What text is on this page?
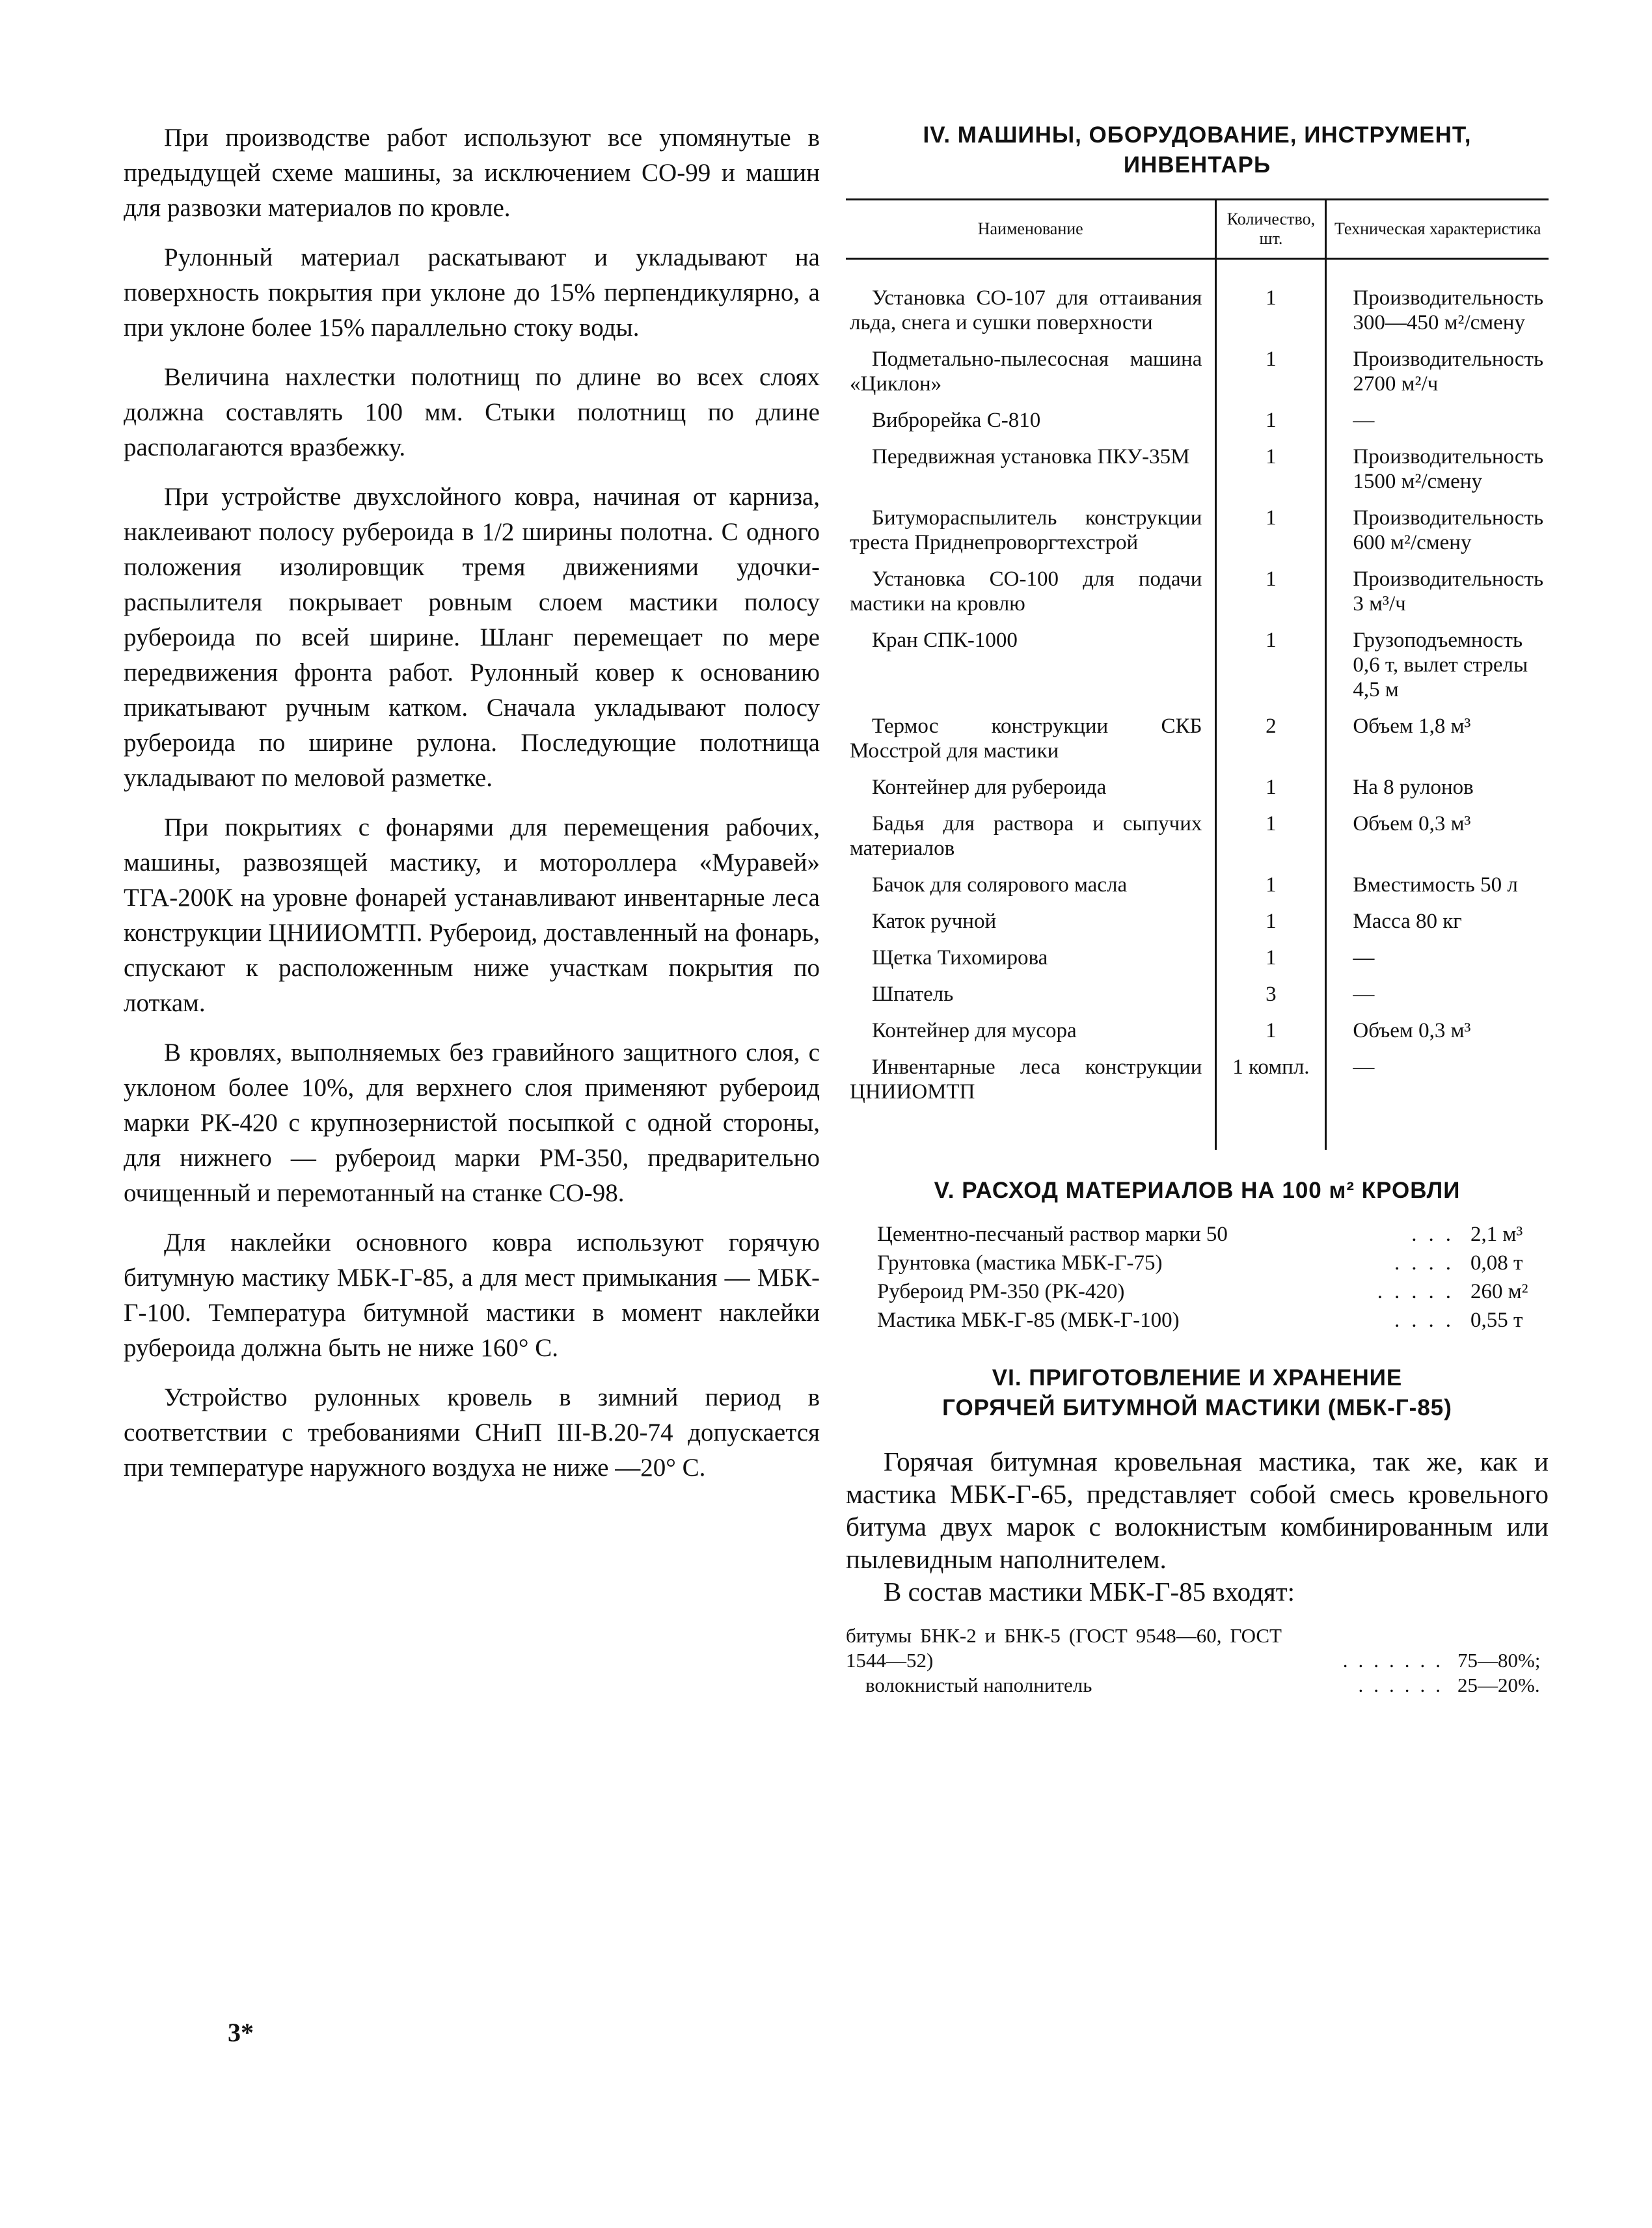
При производстве работ используют все упомянутые в предыдущей схеме машины, за исключением СО-99 и машин для развозки материалов по кровле.

Рулонный материал раскатывают и укладывают на поверхность покрытия при уклоне до 15% перпендикулярно, а при уклоне более 15% параллельно стоку воды.

Величина нахлестки полотнищ по длине во всех слоях должна составлять 100 мм. Стыки полотнищ по длине располагаются вразбежку.

При устройстве двухслойного ковра, начиная от карниза, наклеивают полосу рубероида в 1/2 ширины полотна. С одного положения изолировщик тремя движениями удочки-распылителя покрывает ровным слоем мастики полосу рубероида по всей ширине. Шланг перемещает по мере передвижения фронта работ. Рулонный ковер к основанию прикатывают ручным катком. Сначала укладывают полосу рубероида по ширине рулона. Последующие полотнища укладывают по меловой разметке.

При покрытиях с фонарями для перемещения рабочих, машины, развозящей мастику, и мотороллера «Муравей» ТГА-200К на уровне фонарей устанавливают инвентарные леса конструкции ЦНИИОМТП. Рубероид, доставленный на фонарь, спускают к расположенным ниже участкам покрытия по лоткам.

В кровлях, выполняемых без гравийного защитного слоя, с уклоном более 10%, для верхнего слоя применяют рубероид марки РК-420 с крупнозернистой посыпкой с одной стороны, для нижнего — рубероид марки РМ-350, предварительно очищенный и перемотанный на станке СО-98.

Для наклейки основного ковра используют горячую битумную мастику МБК-Г-85, а для мест примыкания — МБК-Г-100. Температура битумной мастики в момент наклейки рубероида должна быть не ниже 160° С.

Устройство рулонных кровель в зимний период в соответствии с требованиями СНиП III-В.20-74 допускается при температуре наружного воздуха не ниже —20° С.

IV. МАШИНЫ, ОБОРУДОВАНИЕ, ИНСТРУМЕНТ,

ИНВЕНТАРЬ

Наименование	Количество, шт.	Техническая характеристика

Установка СО-107 для оттаивания льда, снега и сушки поверхности	1	Производительность 300—450 м²/смену
Подметально-пылесосная машина «Циклон»	1	Производительность 2700 м²/ч
Виброрейка С-810	1	—
Передвижная установка ПКУ-35М	1	Производительность 1500 м²/смену
Битуморaспылитель конструкции треста Приднепроворгтехстрой	1	Производительность 600 м²/смену
Установка СО-100 для подачи мастики на кровлю	1	Производительность 3 м³/ч
Кран СПК-1000	1	Грузоподъемность 0,6 т, вылет стрелы 4,5 м
Термос конструкции СКБ Мосстрой для мастики	2	Объем 1,8 м³
Контейнер для рубероида	1	На 8 рулонов
Бадья для раствора и сыпучих материалов	1	Объем 0,3 м³
Бачок для солярового масла	1	Вместимость 50 л
Каток ручной	1	Масса 80 кг
Щетка Тихомирова	1	—
Шпатель	3	—
Контейнер для мусора	1	Объем 0,3 м³
Инвентарные леса конструкции ЦНИИОМТП	1 компл.	—

V. РАСХОД МАТЕРИАЛОВ НА 100 м² КРОВЛИ

Цементно-песчаный раствор марки 50	... 2,1 м³
Грунтовка (мастика МБК-Г-75)	.... 0,08 т
Рубероид РМ-350 (РК-420)	..... 260 м²
Мастика МБК-Г-85 (МБК-Г-100)	.... 0,55 т

VI. ПРИГОТОВЛЕНИЕ И ХРАНЕНИЕ

ГОРЯЧЕЙ БИТУМНОЙ МАСТИКИ (МБК-Г-85)

Горячая битумная кровельная мастика, так же, как и мастика МБК-Г-65, представляет собой смесь кровельного битума двух марок с волокнистым комбинированным или пылевидным наполнителем.

В состав мастики МБК-Г-85 входят:

битумы БНК-2 и БНК-5 (ГОСТ 9548—60, ГОСТ 1544—52)	....... 75—80%;
волокнистый наполнитель	...... 25—20%.
3*
